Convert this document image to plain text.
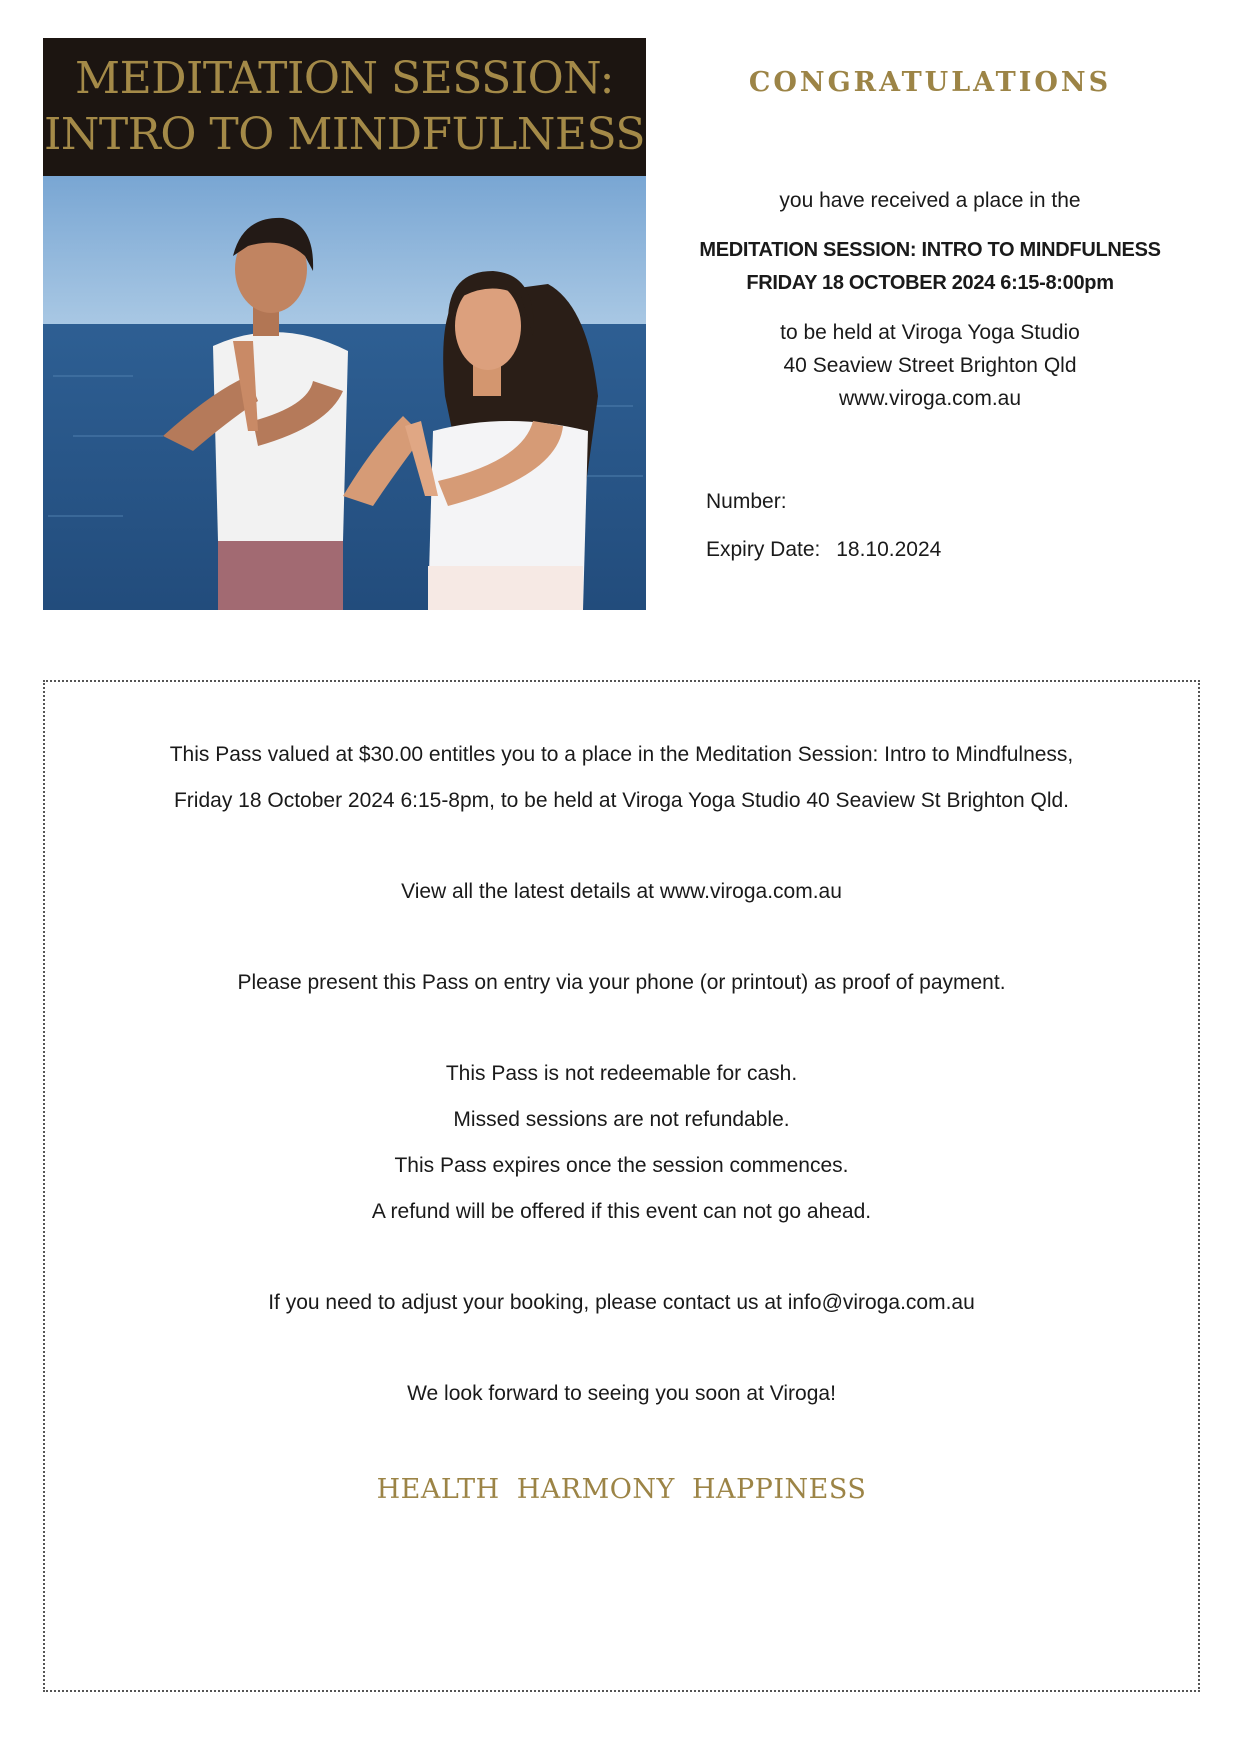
MEDITATION SESSION:
INTRO TO MINDFULNESS
CONGRATULATIONS
you have received a place in the
MEDITATION SESSION: INTRO TO MINDFULNESS
FRIDAY 18 OCTOBER 2024 6:15-8:00pm
to be held at Viroga Yoga Studio
40 Seaview Street Brighton Qld
www.viroga.com.au
Number:
Expiry Date: 18.10.2024

This Pass valued at $30.00 entitles you to a place in the Meditation Session: Intro to Mindfulness,

Friday 18 October 2024 6:15-8pm, to be held at Viroga Yoga Studio 40 Seaview St Brighton Qld.

View all the latest details at www.viroga.com.au

Please present this Pass on entry via your phone (or printout) as proof of payment.

This Pass is not redeemable for cash.

Missed sessions are not refundable.

This Pass expires once the session commences.

A refund will be offered if this event can not go ahead.

If you need to adjust your booking, please contact us at info@viroga.com.au

We look forward to seeing you soon at Viroga!

HEALTH HARMONY HAPPINESS
